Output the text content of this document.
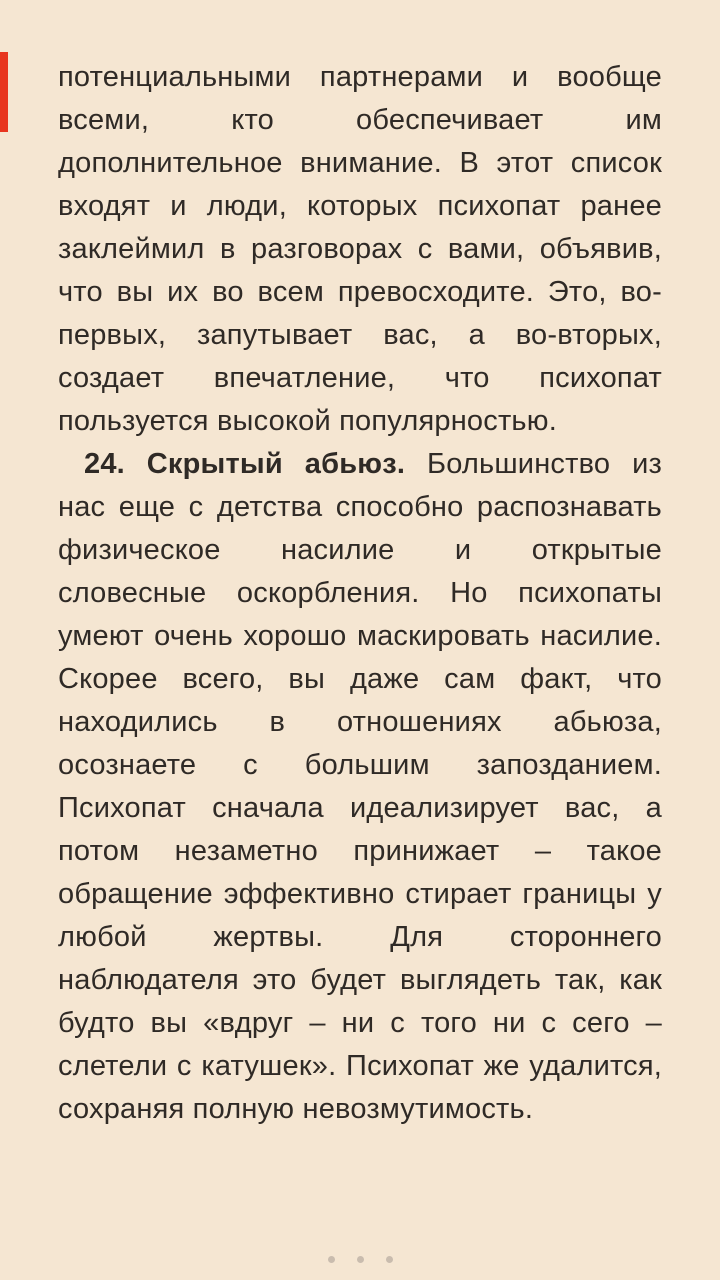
потенциальными партнерами и вообще всеми, кто обеспечивает им дополнительное внимание. В этот список входят и люди, которых психопат ранее заклеймил в разговорах с вами, объявив, что вы их во всем превосходите. Это, во-первых, запутывает вас, а во-вторых, создает впечатление, что психопат пользуется высокой популярностью.

24. Скрытый абьюз. Большинство из нас еще с детства способно распознавать физическое насилие и открытые словесные оскорбления. Но психопаты умеют очень хорошо маскировать насилие. Скорее всего, вы даже сам факт, что находились в отношениях абьюза, осознаете с большим запозданием. Психопат сначала идеализирует вас, а потом незаметно принижает – такое обращение эффективно стирает границы у любой жертвы. Для стороннего наблюдателя это будет выглядеть так, как будто вы «вдруг – ни с того ни с сего – слетели с катушек». Психопат же удалится, сохраняя полную невозмутимость.
